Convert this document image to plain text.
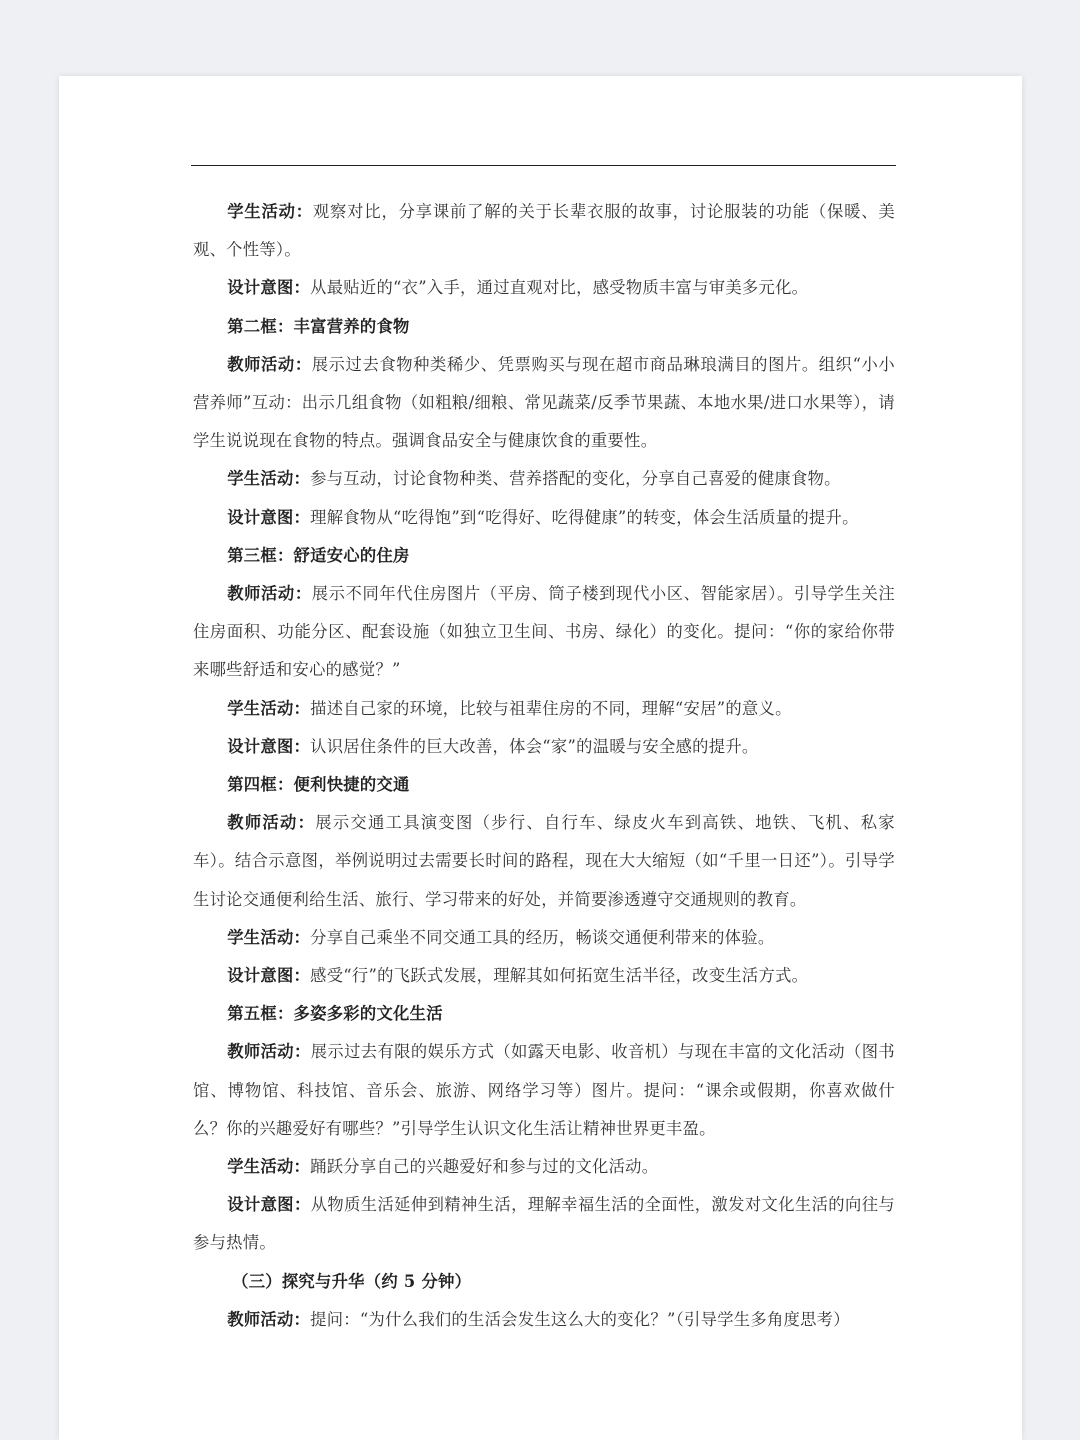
学生活动：观察对比，分享课前了解的关于长辈衣服的故事，讨论服装的功能（保暖、美观、个性等）。

设计意图：从最贴近的“衣”入手，通过直观对比，感受物质丰富与审美多元化。

第二框：丰富营养的食物

教师活动：展示过去食物种类稀少、凭票购买与现在超市商品琳琅满目的图片。组织“小小营养师”互动：出示几组食物（如粗粮/细粮、常见蔬菜/反季节果蔬、本地水果/进口水果等），请学生说说现在食物的特点。强调食品安全与健康饮食的重要性。

学生活动：参与互动，讨论食物种类、营养搭配的变化，分享自己喜爱的健康食物。

设计意图：理解食物从“吃得饱”到“吃得好、吃得健康”的转变，体会生活质量的提升。

第三框：舒适安心的住房

教师活动：展示不同年代住房图片（平房、筒子楼到现代小区、智能家居）。引导学生关注住房面积、功能分区、配套设施（如独立卫生间、书房、绿化）的变化。提问：“你的家给你带来哪些舒适和安心的感觉？”

学生活动：描述自己家的环境，比较与祖辈住房的不同，理解“安居”的意义。

设计意图：认识居住条件的巨大改善，体会“家”的温暖与安全感的提升。

第四框：便利快捷的交通

教师活动：展示交通工具演变图（步行、自行车、绿皮火车到高铁、地铁、飞机、私家车）。结合示意图，举例说明过去需要长时间的路程，现在大大缩短（如“千里一日还”）。引导学生讨论交通便利给生活、旅行、学习带来的好处，并简要渗透遵守交通规则的教育。

学生活动：分享自己乘坐不同交通工具的经历，畅谈交通便利带来的体验。

设计意图：感受“行”的飞跃式发展，理解其如何拓宽生活半径，改变生活方式。

第五框：多姿多彩的文化生活

教师活动：展示过去有限的娱乐方式（如露天电影、收音机）与现在丰富的文化活动（图书馆、博物馆、科技馆、音乐会、旅游、网络学习等）图片。提问：“课余或假期，你喜欢做什么？你的兴趣爱好有哪些？”引导学生认识文化生活让精神世界更丰盈。

学生活动：踊跃分享自己的兴趣爱好和参与过的文化活动。

设计意图：从物质生活延伸到精神生活，理解幸福生活的全面性，激发对文化生活的向往与参与热情。

（三）探究与升华（约 5 分钟）

教师活动：提问：“为什么我们的生活会发生这么大的变化？”（引导学生多角度思考）
